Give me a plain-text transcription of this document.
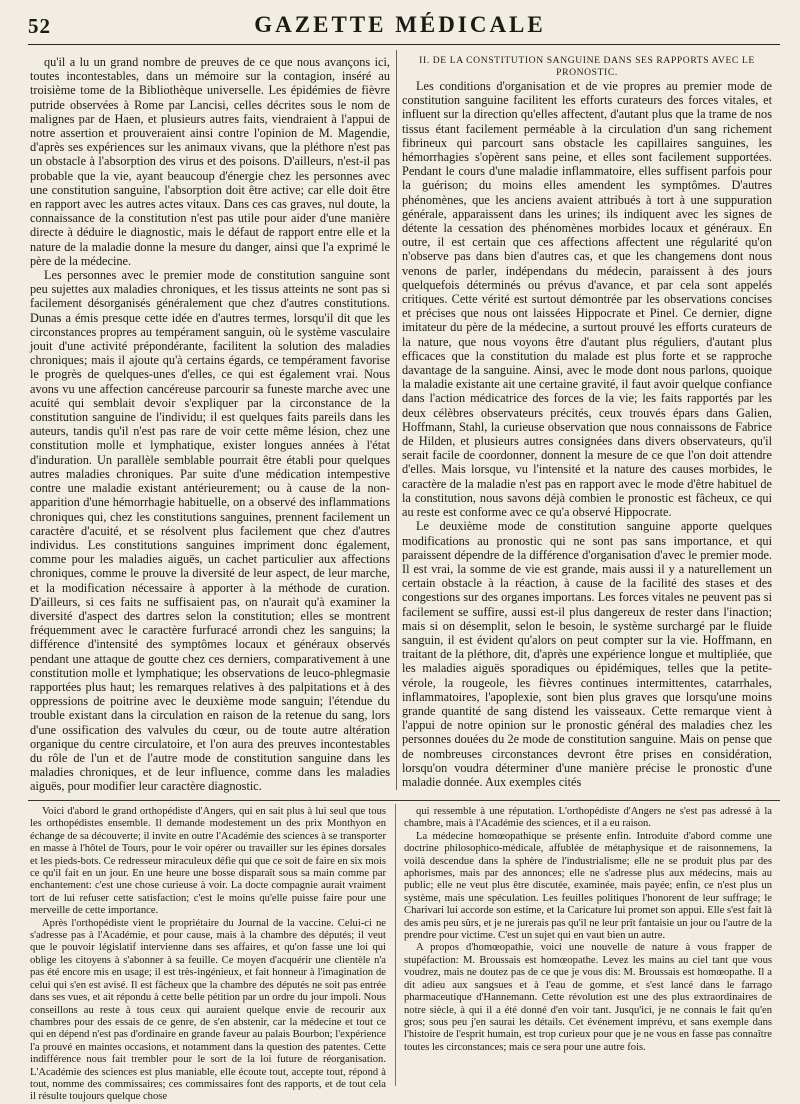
52	GAZETTE MÉDICALE

qu'il a lu un grand nombre de preuves de ce que nous avançons ici, toutes incontestables, dans un mémoire sur la contagion, inséré au troisième tome de la Bibliothèque universelle. Les épidémies de fièvre putride observées à Rome par Lancisi, celles décrites sous le nom de malignes par de Haen, et plusieurs autres faits, viendraient à l'appui de notre assertion et prouveraient ainsi contre l'opinion de M. Magendie, d'après ses expériences sur les animaux vivans, que la pléthore n'est pas un obstacle à l'absorption des virus et des poisons. D'ailleurs, n'est-il pas probable que la vie, ayant beaucoup d'énergie chez les personnes avec une constitution sanguine, l'absorption doit être active; car elle doit être en rapport avec les autres actes vitaux. Dans ces cas graves, nul doute, la connaissance de la constitution n'est pas utile pour aider d'une manière directe à déduire le diagnostic, mais le défaut de rapport entre elle et la nature de la maladie donne la mesure du danger, ainsi que l'a exprimé le père de la médecine.

Les personnes avec le premier mode de constitution sanguine sont peu sujettes aux maladies chroniques, et les tissus atteints ne sont pas si facilement désorganisés généralement que chez d'autres constitutions. Dunas a émis presque cette idée en d'autres termes, lorsqu'il dit que les circonstances propres au tempérament sanguin, où le système vasculaire jouit d'une activité prépondérante, facilitent la solution des maladies chroniques; mais il ajoute qu'à certains égards, ce tempérament favorise le progrès de quelques-unes d'elles, ce qui est également vrai. Nous avons vu une affection cancéreuse parcourir sa funeste marche avec une acuité qui semblait devoir s'expliquer par la circonstance de la constitution sanguine de l'individu; il est quelques faits pareils dans les auteurs, tandis qu'il n'est pas rare de voir cette même lésion, chez une constitution molle et lymphatique, exister longues années à l'état d'induration. Un parallèle semblable pourrait être établi pour quelques autres maladies chroniques. Par suite d'une médication intempestive contre une maladie existant antérieurement; ou à cause de la non-apparition d'une hémorrhagie habituelle, on a observé des inflammations chroniques qui, chez les constitutions sanguines, prennent facilement un caractère d'acuité, et se résolvent plus facilement que chez d'autres individus. Les constitutions sanguines impriment donc également, comme pour les maladies aiguës, un cachet particulier aux affections chroniques, comme le prouve la diversité de leur aspect, de leur marche, et la modification nécessaire à apporter à la méthode de curation. D'ailleurs, si ces faits ne suffisaient pas, on n'aurait qu'à examiner la diversité d'aspect des dartres selon la constitution; elles se montrent fréquemment avec le caractère furfuracé arrondi chez les sanguins; la différence d'intensité des symptômes locaux et généraux observés pendant une attaque de goutte chez ces derniers, comparativement à une constitution molle et lymphatique; les observations de leuco-phlegmasie rapportées plus haut; les remarques relatives à des palpitations et à des oppressions de poitrine avec le deuxième mode sanguin; l'étendue du trouble existant dans la circulation en raison de la retenue du sang, lors d'une ossification des valvules du cœur, ou de toute autre altération organique du centre circulatoire, et l'on aura des preuves incontestables du rôle de l'un et de l'autre mode de constitution sanguine dans les maladies chroniques, et de leur influence, comme dans les maladies aiguës, pour modifier leur caractère diagnostic.

II. DE LA CONSTITUTION SANGUINE DANS SES RAPPORTS AVEC LE PRONOSTIC.

Les conditions d'organisation et de vie propres au premier mode de constitution sanguine facilitent les efforts curateurs des forces vitales, et influent sur la direction qu'elles affectent, d'autant plus que la trame de nos tissus étant facilement perméable à la circulation d'un sang richement fibrineux qui parcourt sans obstacle les capillaires sanguines, les hémorrhagies s'opèrent sans peine, et elles sont facilement supportées. Pendant le cours d'une maladie inflammatoire, elles suffisent parfois pour la guérison; du moins elles amendent les symptômes. D'autres phénomènes, que les anciens avaient attribués à tort à une suppuration générale, apparaissent dans les urines; ils indiquent avec les signes de détente la cessation des phénomènes morbides locaux et généraux. En outre, il est certain que ces affections affectent une régularité qu'on n'observe pas dans bien d'autres cas, et que les changemens dont nous venons de parler, indépendans du médecin, paraissent à des jours quelquefois déterminés ou prévus d'avance, et par cela sont appelés critiques. Cette vérité est surtout démontrée par les observations concises et précises que nous ont laissées Hippocrate et Pinel. Ce dernier, digne imitateur du père de la médecine, a surtout prouvé les efforts curateurs de la nature, que nous voyons être d'autant plus réguliers, d'autant plus efficaces que la constitution du malade est plus forte et se rapproche davantage de la sanguine. Ainsi, avec le mode dont nous parlons, quoique la maladie existante ait une certaine gravité, il faut avoir quelque confiance dans l'action médicatrice des forces de la vie; les faits rapportés par les deux célèbres observateurs précités, ceux trouvés épars dans Galien, Hoffmann, Stahl, la curieuse observation que nous connaissons de Fabrice de Hilden, et plusieurs autres consignées dans divers observateurs, qu'il serait facile de coordonner, donnent la mesure de ce que l'on doit attendre d'elles. Mais lorsque, vu l'intensité et la nature des causes morbides, le caractère de la maladie n'est pas en rapport avec le mode d'être habituel de la constitution, nous savons déjà combien le pronostic est fâcheux, ce qui au reste est conforme avec ce qu'a observé Hippocrate.

Le deuxième mode de constitution sanguine apporte quelques modifications au pronostic qui ne sont pas sans importance, et qui paraissent dépendre de la différence d'organisation d'avec le premier mode. Il est vrai, la somme de vie est grande, mais aussi il y a naturellement un certain obstacle à la réaction, à cause de la facilité des stases et des congestions sur des organes importans. Les forces vitales ne peuvent pas si facilement se suffire, aussi est-il plus dangereux de rester dans l'inaction; mais si on désemplit, selon le besoin, le système surchargé par le fluide sanguin, il est évident qu'alors on peut compter sur la vie. Hoffmann, en traitant de la pléthore, dit, d'après une expérience longue et multipliée, que les maladies aiguës sporadiques ou épidémiques, telles que la petite-vérole, la rougeole, les fièvres continues intermittentes, catarrhales, inflammatoires, l'apoplexie, sont bien plus graves que lorsqu'une moins grande quantité de sang distend les vaisseaux. Cette remarque vient à l'appui de notre opinion sur le pronostic général des maladies chez les personnes douées du 2e mode de constitution sanguine. Mais on pense que de nombreuses circonstances devront être prises en considération, lorsqu'on voudra déterminer d'une manière précise le pronostic d'une maladie donnée. Aux exemples cités

Voici d'abord le grand orthopédiste d'Angers, qui en sait plus à lui seul que tous les orthopédistes ensemble. Il demande modestement un des prix Monthyon en échange de sa découverte; il invite en outre l'Académie des sciences à se transporter en masse à l'hôtel de Tours, pour le voir opérer ou travailler sur les épines dorsales et les pieds-bots. Ce redresseur miraculeux défie qui que ce soit de faire en six mois ce qu'il fait en un jour. En une heure une bosse disparaît sous sa main comme par enchantement: c'est une chose curieuse à voir. La docte compagnie aurait vraiment tort de lui refuser cette satisfaction; c'est le moins qu'elle puisse faire pour une merveille de cette importance.

Après l'orthopédiste vient le propriétaire du Journal de la vaccine. Celui-ci ne s'adresse pas à l'Académie, et pour cause, mais à la chambre des députés; il veut que le pouvoir législatif intervienne dans ses affaires, et qu'on fasse une loi qui oblige les citoyens à s'abonner à sa feuille. Ce moyen d'acquérir une clientèle n'a pas été encore mis en usage; il est très-ingénieux, et fait honneur à l'imagination de celui qui s'en est avisé. Il est fâcheux que la chambre des députés ne soit pas entrée dans ses vues, et ait répondu à cette belle pétition par un ordre du jour impoli. Nous conseillons au reste à tous ceux qui auraient quelque envie de recourir aux chambres pour des essais de ce genre, de s'en abstenir, car la médecine et tout ce qui en dépend n'est pas d'ordinaire en grande faveur au palais Bourbon; l'expérience l'a prouvé en maintes occasions, et notamment dans la question des patentes. Cette indifférence nous fait trembler pour le sort de la loi future de réorganisation. L'Académie des sciences est plus maniable, elle écoute tout, accepte tout, répond à tout, nomme des commissaires; ces commissaires font des rapports, et de tout cela il résulte toujours quelque chose

qui ressemble à une réputation. L'orthopédiste d'Angers ne s'est pas adressé à la chambre, mais à l'Académie des sciences, et il a eu raison.

La médecine homœopathique se présente enfin. Introduite d'abord comme une doctrine philosophico-médicale, affublée de métaphysique et de raisonnemens, la voilà descendue dans la sphère de l'industrialisme; elle ne se produit plus par des aphorismes, mais par des annonces; elle ne s'adresse plus aux médecins, mais au public; elle ne veut plus être discutée, examinée, mais payée; enfin, ce n'est plus un système, mais une spéculation. Les feuilles politiques l'honorent de leur suffrage; le Charivari lui accorde son estime, et la Caricature lui promet son appui. Elle s'est fait là des amis peu sûrs, et je ne jurerais pas qu'il ne leur prît fantaisie un jour ou l'autre de la prendre pour victime. C'est un sujet qui en vaut bien un autre.

A propos d'homœopathie, voici une nouvelle de nature à vous frapper de stupéfaction: M. Broussais est homœopathe. Levez les mains au ciel tant que vous voudrez, mais ne doutez pas de ce que je vous dis: M. Broussais est homœopathe. Il a dit adieu aux sangsues et à l'eau de gomme, et s'est lancé dans le farrago pharmaceutique d'Hannemann. Cette révolution est une des plus extraordinaires de notre siècle, à qui il a été donné d'en voir tant. Jusqu'ici, je ne connais le fait qu'en gros; sous peu j'en saurai les détails. Cet événement imprévu, et sans exemple dans l'histoire de l'esprit humain, est trop curieux pour que je ne vous en fasse pas connaître toutes les circonstances; mais ce sera pour une autre fois.
